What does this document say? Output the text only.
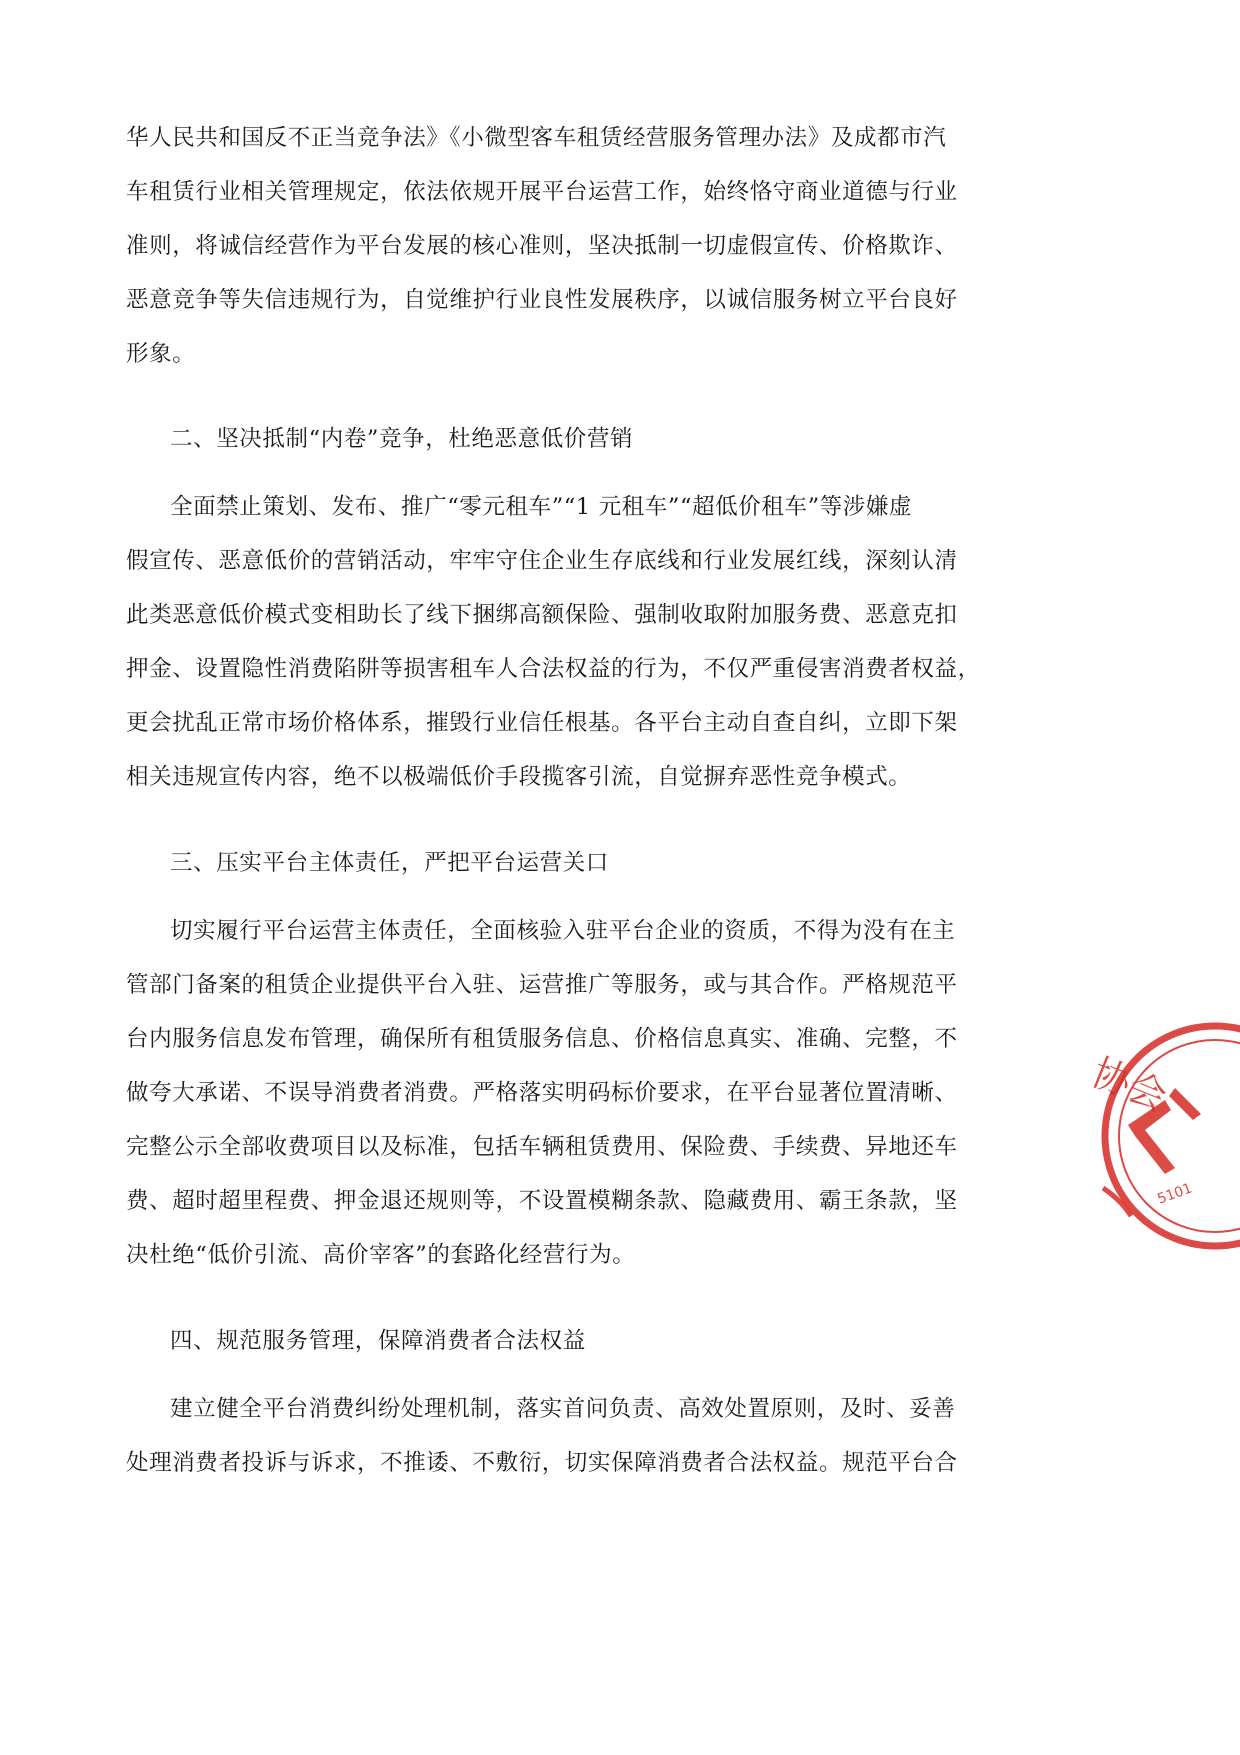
华人民共和国反不正当竞争法》《小微型客车租赁经营服务管理办法》及成都市汽
车租赁行业相关管理规定，依法依规开展平台运营工作，始终恪守商业道德与行业
准则，将诚信经营作为平台发展的核心准则，坚决抵制一切虚假宣传、价格欺诈、
恶意竞争等失信违规行为，自觉维护行业良性发展秩序，以诚信服务树立平台良好
形象。
二、坚决抵制“内卷”竞争，杜绝恶意低价营销
全面禁止策划、发布、推广“零元租车”“1 元租车”“超低价租车”等涉嫌虚
假宣传、恶意低价的营销活动，牢牢守住企业生存底线和行业发展红线，深刻认清
此类恶意低价模式变相助长了线下捆绑高额保险、强制收取附加服务费、恶意克扣
押金、设置隐性消费陷阱等损害租车人合法权益的行为，不仅严重侵害消费者权益，
更会扰乱正常市场价格体系，摧毁行业信任根基。各平台主动自查自纠，立即下架
相关违规宣传内容，绝不以极端低价手段揽客引流，自觉摒弃恶性竞争模式。
三、压实平台主体责任，严把平台运营关口
切实履行平台运营主体责任，全面核验入驻平台企业的资质，不得为没有在主
管部门备案的租赁企业提供平台入驻、运营推广等服务，或与其合作。严格规范平
台内服务信息发布管理，确保所有租赁服务信息、价格信息真实、准确、完整，不
做夸大承诺、不误导消费者消费。严格落实明码标价要求，在平台显著位置清晰、
完整公示全部收费项目以及标准，包括车辆租赁费用、保险费、手续费、异地还车
费、超时超里程费、押金退还规则等，不设置模糊条款、隐藏费用、霸王条款，坚
决杜绝“低价引流、高价宰客”的套路化经营行为。
四、规范服务管理，保障消费者合法权益
建立健全平台消费纠纷处理机制，落实首问负责、高效处置原则，及时、妥善
处理消费者投诉与诉求，不推诿、不敷衍，切实保障消费者合法权益。规范平台合
协会
5101
